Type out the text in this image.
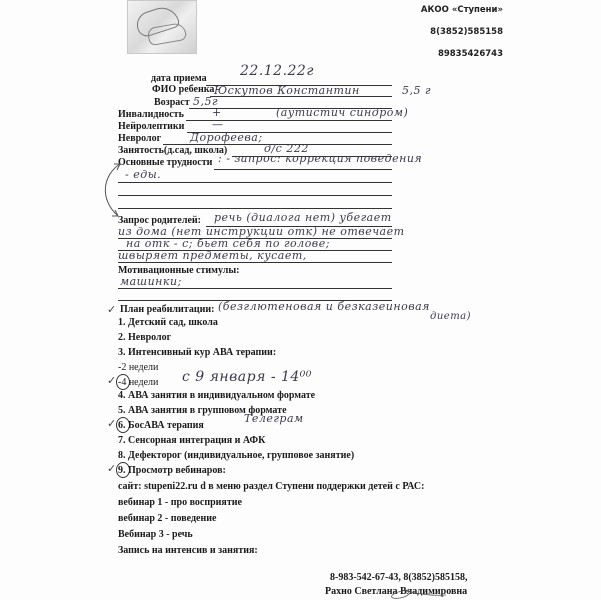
АКОО «Ступени»
8(3852)585158
89835426743
дата приема 22.12.22г
ФИО ребенка Юскутов Константин	5,5 г
Возраст 5,5г
Инвалидность	+	(аутистич синдром)
Нейролептики	—
Невролог	Дорофеева;
Занятость(д.сад, школа)	д/с 222
Основные трудности : - запрос: коррекция поведения
- еды.
Запрос родителей: речь (диалога нет) убегает
из дома (нет инструкции отк) не отвечает
на отк - с; бьет себя по голове;
швыряет предметы, кусает,
Мотивационные стимулы:
машинки;
✓ План реабилитации: (безглютеновая и безказеиновая
диета)
1. Детский сад, школа
2. Невролог
3. Интенсивный кур АВА терапии:
-2 недели
✓ -4 недели с 9 января - 14⁰⁰
4. АВА занятия в индивидуальном формате
5. АВА занятия в групповом формате
✓ 6. БосАВА терапия
Телеграм
7. Сенсорная интеграция и АФК
8. Дефекторог (индивидуальное, групповое занятие)
✓ 9. Просмотр вебинаров:
сайт: stupeni22.ru d в меню раздел Ступени поддержки детей с РАС:
вебинар 1 - про восприятие
вебинар 2 - поведение
Вебинар 3 - речь
Запись на интенсив и занятия:
8-983-542-67-43, 8(3852)585158,
Рахно Светлана Владимировна
